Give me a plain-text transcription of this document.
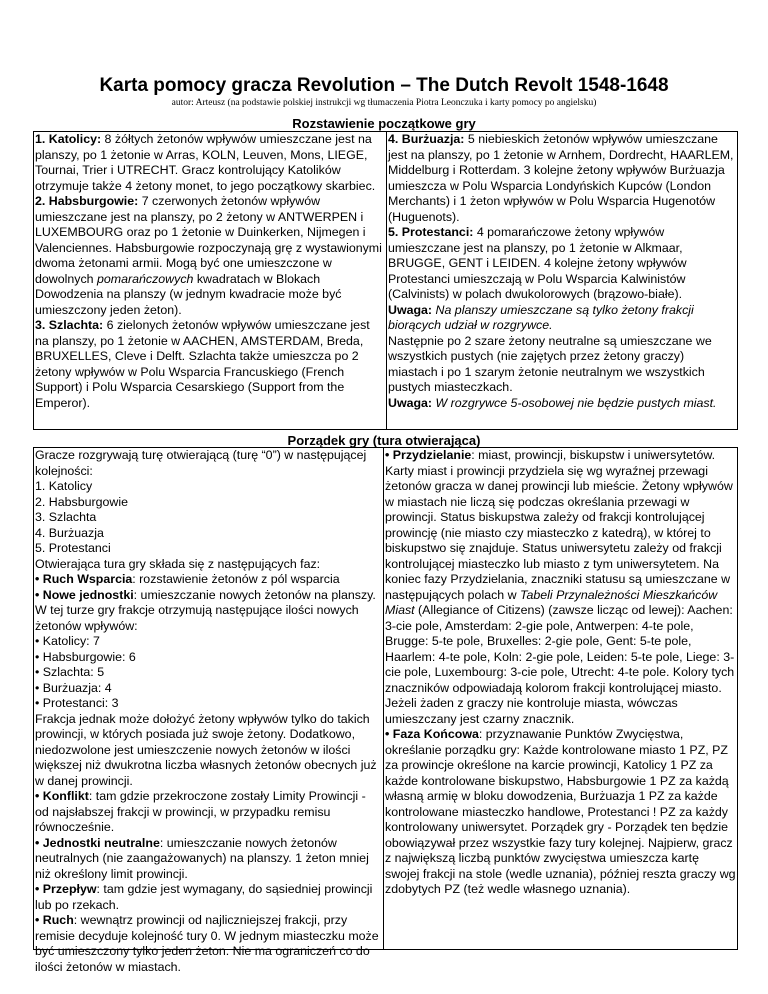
Karta pomocy gracza Revolution – The Dutch Revolt 1548-1648
autor: Arteusz (na podstawie polskiej instrukcji wg tłumaczenia Piotra Leonczuka i karty pomocy po angielsku)
Rozstawienie początkowe gry

1. Katolicy: 8 żółtych żetonów wpływów umieszczane jest na planszy, po 1 żetonie w Arras, KOLN, Leuven, Mons, LIEGE, Tournai, Trier i UTRECHT. Gracz kontrolujący Katolików otrzymuje także 4 żetony monet, to jego początkowy skarbiec.

2. Habsburgowie: 7 czerwonych żetonów wpływów umieszczane jest na planszy, po 2 żetony w ANTWERPEN i LUXEMBOURG oraz po 1 żetonie w Duinkerken, Nijmegen i Valenciennes. Habsburgowie rozpoczynają grę z wystawionymi dwoma żetonami armii. Mogą być one umieszczone w dowolnych pomarańczowych kwadratach w Blokach Dowodzenia na planszy (w jednym kwadracie może być umieszczony jeden żeton).

3. Szlachta: 6 zielonych żetonów wpływów umieszczane jest na planszy, po 1 żetonie w AACHEN, AMSTERDAM, Breda, BRUXELLES, Cleve i Delft. Szlachta także umieszcza po 2 żetony wpływów w Polu Wsparcia Francuskiego (French Support) i Polu Wsparcia Cesarskiego (Support from the Emperor).

4. Burżuazja: 5 niebieskich żetonów wpływów umieszczane jest na planszy, po 1 żetonie w Arnhem, Dordrecht, HAARLEM, Middelburg i Rotterdam. 3 kolejne żetony wpływów Burżuazja umieszcza w Polu Wsparcia Londyńskich Kupców (London Merchants) i 1 żeton wpływów w Polu Wsparcia Hugenotów (Huguenots).

5. Protestanci: 4 pomarańczowe żetony wpływów umieszczane jest na planszy, po 1 żetonie w Alkmaar, BRUGGE, GENT i LEIDEN. 4 kolejne żetony wpływów Protestanci umieszczają w Polu Wsparcia Kalwinistów (Calvinists) w polach dwukolorowych (brązowo-białe).

Uwaga: Na planszy umieszczane są tylko żetony frakcji biorących udział w rozgrywce.

Następnie po 2 szare żetony neutralne są umieszczane we wszystkich pustych (nie zajętych przez żetony graczy) miastach i po 1 szarym żetonie neutralnym we wszystkich pustych miasteczkach.

Uwaga: W rozgrywce 5-osobowej nie będzie pustych miast.

Porządek gry (tura otwierająca)

Gracze rozgrywają turę otwierającą (turę “0”) w następującej kolejności:

1. Katolicy

2. Habsburgowie

3. Szlachta

4. Burżuazja

5. Protestanci

Otwierająca tura gry składa się z następujących faz:

• Ruch Wsparcia: rozstawienie żetonów z pól wsparcia

• Nowe jednostki: umieszczanie nowych żetonów na planszy. W tej turze gry frakcje otrzymują następujące ilości nowych żetonów wpływów:

• Katolicy: 7

• Habsburgowie: 6

• Szlachta: 5

• Burżuazja: 4

• Protestanci: 3

Frakcja jednak może dołożyć żetony wpływów tylko do takich prowincji, w których posiada już swoje żetony. Dodatkowo, niedozwolone jest umieszczenie nowych żetonów w ilości większej niż dwukrotna liczba własnych żetonów obecnych już w danej prowincji.

• Konflikt: tam gdzie przekroczone zostały Limity Prowincji - od najsłabszej frakcji w prowincji, w przypadku remisu równocześnie.

• Jednostki neutralne: umieszczanie nowych żetonów neutralnych (nie zaangażowanych) na planszy. 1 żeton mniej niż określony limit prowincji.

• Przepływ: tam gdzie jest wymagany, do sąsiedniej prowincji lub po rzekach.

• Ruch: wewnątrz prowincji od najliczniejszej frakcji, przy remisie decyduje kolejność tury 0. W jednym miasteczku może być umieszczony tylko jeden żeton. Nie ma ograniczeń co do ilości żetonów w miastach.

• Przydzielanie: miast, prowincji, biskupstw i uniwersytetów. Karty miast i prowincji przydziela się wg wyraźnej przewagi żetonów gracza w danej prowincji lub mieście. Żetony wpływów w miastach nie liczą się podczas określania przewagi w prowincji. Status biskupstwa zależy od frakcji kontrolującej prowincję (nie miasto czy miasteczko z katedrą), w której to biskupstwo się znajduje. Status uniwersytetu zależy od frakcji kontrolującej miasteczko lub miasto z tym uniwersytetem. Na koniec fazy Przydzielania, znaczniki statusu są umieszczane w następujących polach w Tabeli Przynależności Mieszkańców Miast (Allegiance of Citizens) (zawsze licząc od lewej): Aachen: 3-cie pole, Amsterdam: 2-gie pole, Antwerpen: 4-te pole, Brugge: 5-te pole, Bruxelles: 2-gie pole, Gent: 5-te pole, Haarlem: 4-te pole, Koln: 2-gie pole, Leiden: 5-te pole, Liege: 3-cie pole, Luxembourg: 3-cie pole, Utrecht: 4-te pole. Kolory tych znaczników odpowiadają kolorom frakcji kontrolującej miasto. Jeżeli żaden z graczy nie kontroluje miasta, wówczas umieszczany jest czarny znacznik.

• Faza Końcowa: przyznawanie Punktów Zwycięstwa, określanie porządku gry: Każde kontrolowane miasto 1 PZ, PZ za prowincje określone na karcie prowincji, Katolicy 1 PZ za każde kontrolowane biskupstwo, Habsburgowie 1 PZ za każdą własną armię w bloku dowodzenia, Burżuazja 1 PZ za każde kontrolowane miasteczko handlowe, Protestanci ! PZ za każdy kontrolowany uniwersytet. Porządek gry - Porządek ten będzie obowiązywał przez wszystkie fazy tury kolejnej. Najpierw, gracz z największą liczbą punktów zwycięstwa umieszcza kartę swojej frakcji na stole (wedle uznania), później reszta graczy wg zdobytych PZ (też wedle własnego uznania).
